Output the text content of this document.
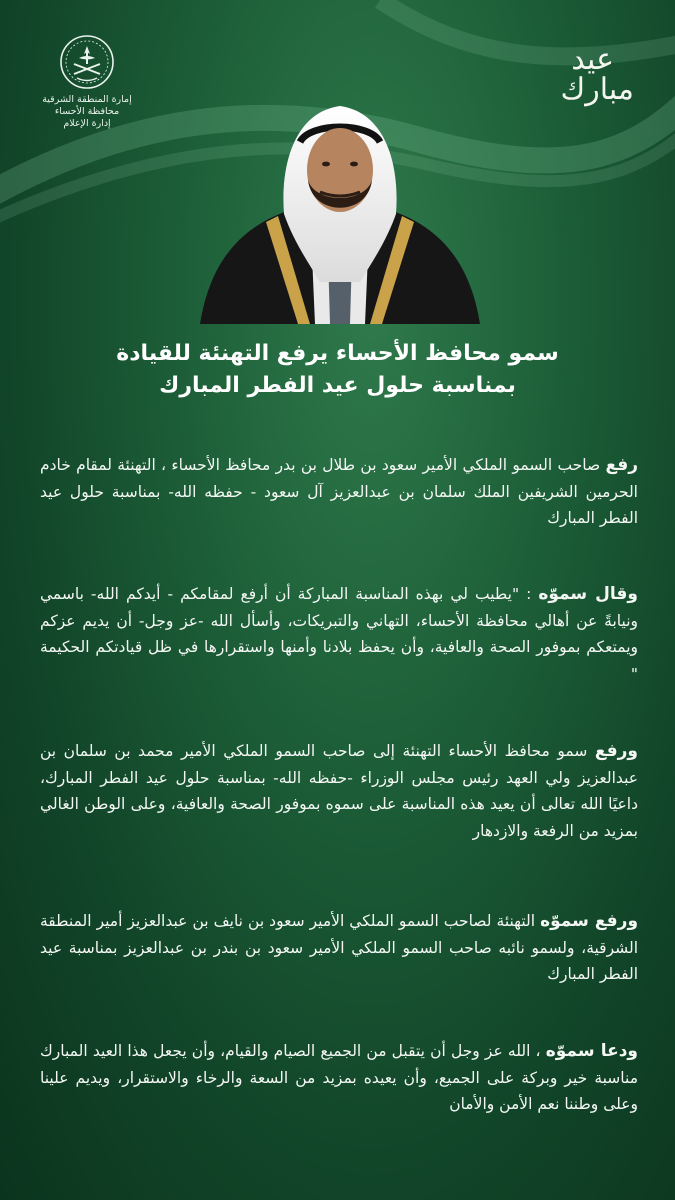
إمارة المنطقة الشرقية
محافظة الأحساء
إدارة الإعلام
عيد
مبارك
سمو محافظ الأحساء يرفع التهنئة للقيادة
بمناسبة حلول عيد الفطر المبارك
رفع صاحب السمو الملكي الأمير سعود بن طلال بن بدر محافظ الأحساء ، التهنئة لمقام خادم الحرمين الشريفين الملك سلمان بن عبدالعزيز آل سعود - حفظه الله- بمناسبة حلول عيد الفطر المبارك
وقال سموّه : "يطيب لي بهذه المناسبة المباركة أن أرفع لمقامكم - أيدكم الله- باسمي ونيابةً عن أهالي محافظة الأحساء، التهاني والتبريكات، وأسأل الله -عز وجل- أن يديم عزكم ويمتعكم بموفور الصحة والعافية، وأن يحفظ بلادنا وأمنها واستقرارها في ظل قيادتكم الحكيمة "
ورفع سمو محافظ الأحساء التهنئة إلى صاحب السمو الملكي الأمير محمد بن سلمان بن عبدالعزيز ولي العهد رئيس مجلس الوزراء -حفظه الله- بمناسبة حلول عيد الفطر المبارك، داعيًا الله تعالى أن يعيد هذه المناسبة على سموه بموفور الصحة والعافية، وعلى الوطن الغالي بمزيد من الرفعة والازدهار
ورفع سموّه التهنئة لصاحب السمو الملكي الأمير سعود بن نايف بن عبدالعزيز أمير المنطقة الشرقية، ولسمو نائبه صاحب السمو الملكي الأمير سعود بن بندر بن عبدالعزيز بمناسبة عيد الفطر المبارك
ودعا سموّه ، الله عز وجل أن يتقبل من الجميع الصيام والقيام، وأن يجعل هذا العيد المبارك مناسبة خير وبركة على الجميع، وأن يعيده بمزيد من السعة والرخاء والاستقرار، ويديم علينا وعلى وطننا نعم الأمن والأمان
